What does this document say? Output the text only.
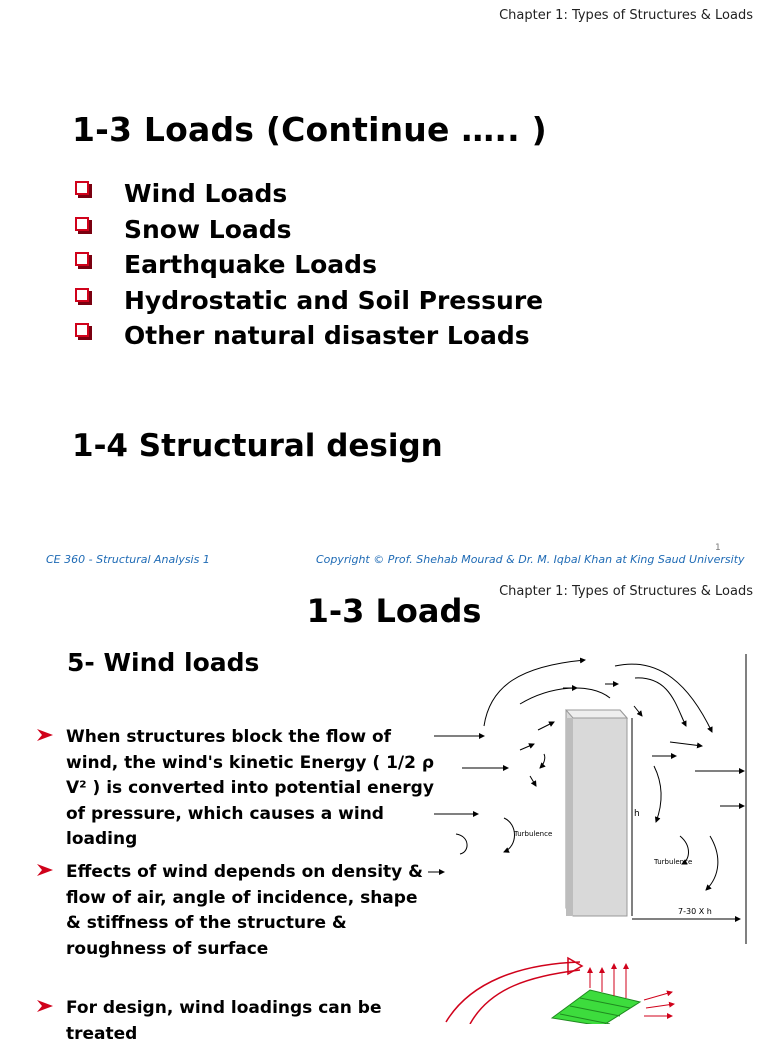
Chapter 1: Types of Structures & Loads
1-3 Loads (Continue ….. )
Wind Loads
Snow Loads
Earthquake Loads
Hydrostatic and Soil Pressure
Other natural disaster Loads
1-4 Structural design
CE 360 - Structural Analysis 1
1
Copyright © Prof. Shehab Mourad & Dr. M. Iqbal Khan at King Saud University
Chapter 1: Types of Structures & Loads
1-3 Loads
5- Wind loads
When structures block the flow of wind, the wind's kinetic Energy ( 1/2 ρ V² ) is converted into potential energy of pressure, which causes a wind loading
Effects of wind depends on density & flow of air, angle of incidence, shape & stiffness of the structure & roughness of surface
For design, wind loadings can be treated
h
7-30 X h
Turbulence
Turbulence
